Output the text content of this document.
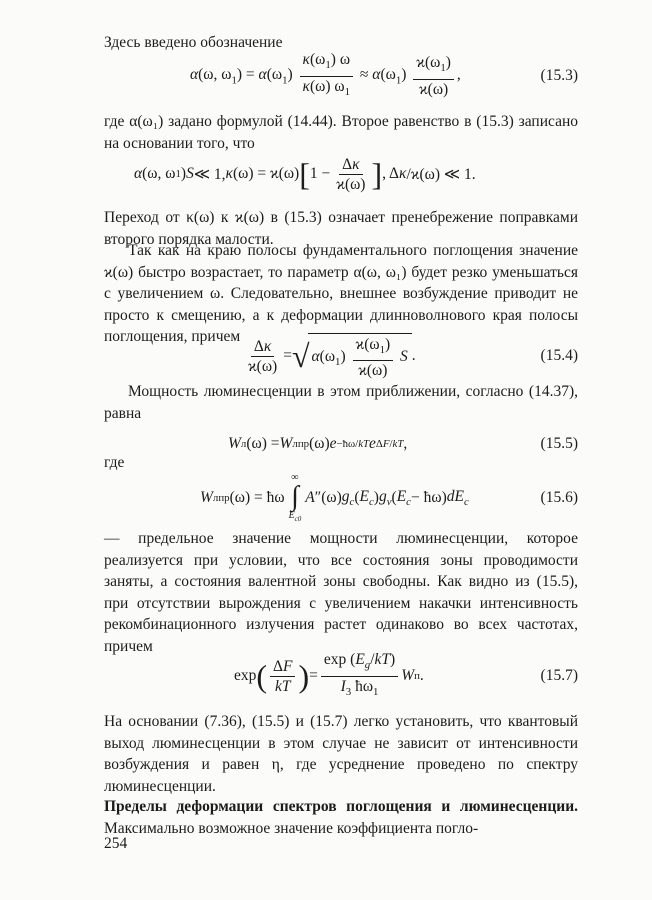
Здесь введено обозначение

α(ω, $\omega_1) = \alpha(\omega_1) \frac{\kappa(\omega_1) \omega}{\kappa(\omega) \omega_1} \approx \alpha(\omega_1) \frac{ϰ(\omega_1)}{ϰ(\omega)}$ ,	(15.3)

где α(ω₁) задано формулой (14.44). Второе равенство в (15.3) записано на основании того, что

α (ω, ω 1 ) S ≪ 1, κ (ω) = ϰ(ω) [ $1 - \frac{\Delta\kappa}{ϰ(\omega)}$ ] , Δ κ /ϰ(ω) ≪ 1.

Переход от κ(ω) к ϰ(ω) в (15.3) означает пренебрежение поправками второго порядка малости.

Так как на краю полосы фундаментального поглощения значение ϰ(ω) быстро возрастает, то параметр α(ω, ω₁) будет резко уменьшаться с увеличением ω. Следовательно, внешнее возбуждение приводит не просто к смещению, а к деформации длинноволнового края полосы поглощения, причем

$\frac{\Delta\kappa}{ϰ(\omega)}$ = √ $\alpha(\omega_1) \frac{ϰ(\omega_1)}{ϰ(\omega)}$ S .	(15.4)

Мощность люминесценции в этом приближении, согласно (14.37), равна

W л (ω) = W л пр (ω) e −ħω/kT e ΔF/kT ,	(15.5)

где

W л пр (ω) = ħω
∞
∫
$E_{c0}$
A ″(ω) $g_c$ ( $E_c$ ) $g_v$ ( $E_c$ − ħω) $dE_c$	(15.6)

— предельное значение мощности люминесценции, которое реализуется при условии, что все состояния зоны проводимости заняты, а состояния валентной зоны свободны. Как видно из (15.5), при отсутствии вырождения с увеличением накачки интенсивность рекомбинационного излучения растет одинаково во всех частотах, причем

exp ( $\frac{\Delta F}{kT}$ ) = $\frac{\exp (E_g/kT)}{I_3 ħ\omega_1}$ W п .	(15.7)

На основании (7.36), (15.5) и (15.7) легко установить, что квантовый выход люминесценции в этом случае не зависит от интенсивности возбуждения и равен η, где усреднение проведено по спектру люминесценции.

Пределы деформации спектров поглощения и люминесценции. Максимально возможное значение коэффициента погло-

254
